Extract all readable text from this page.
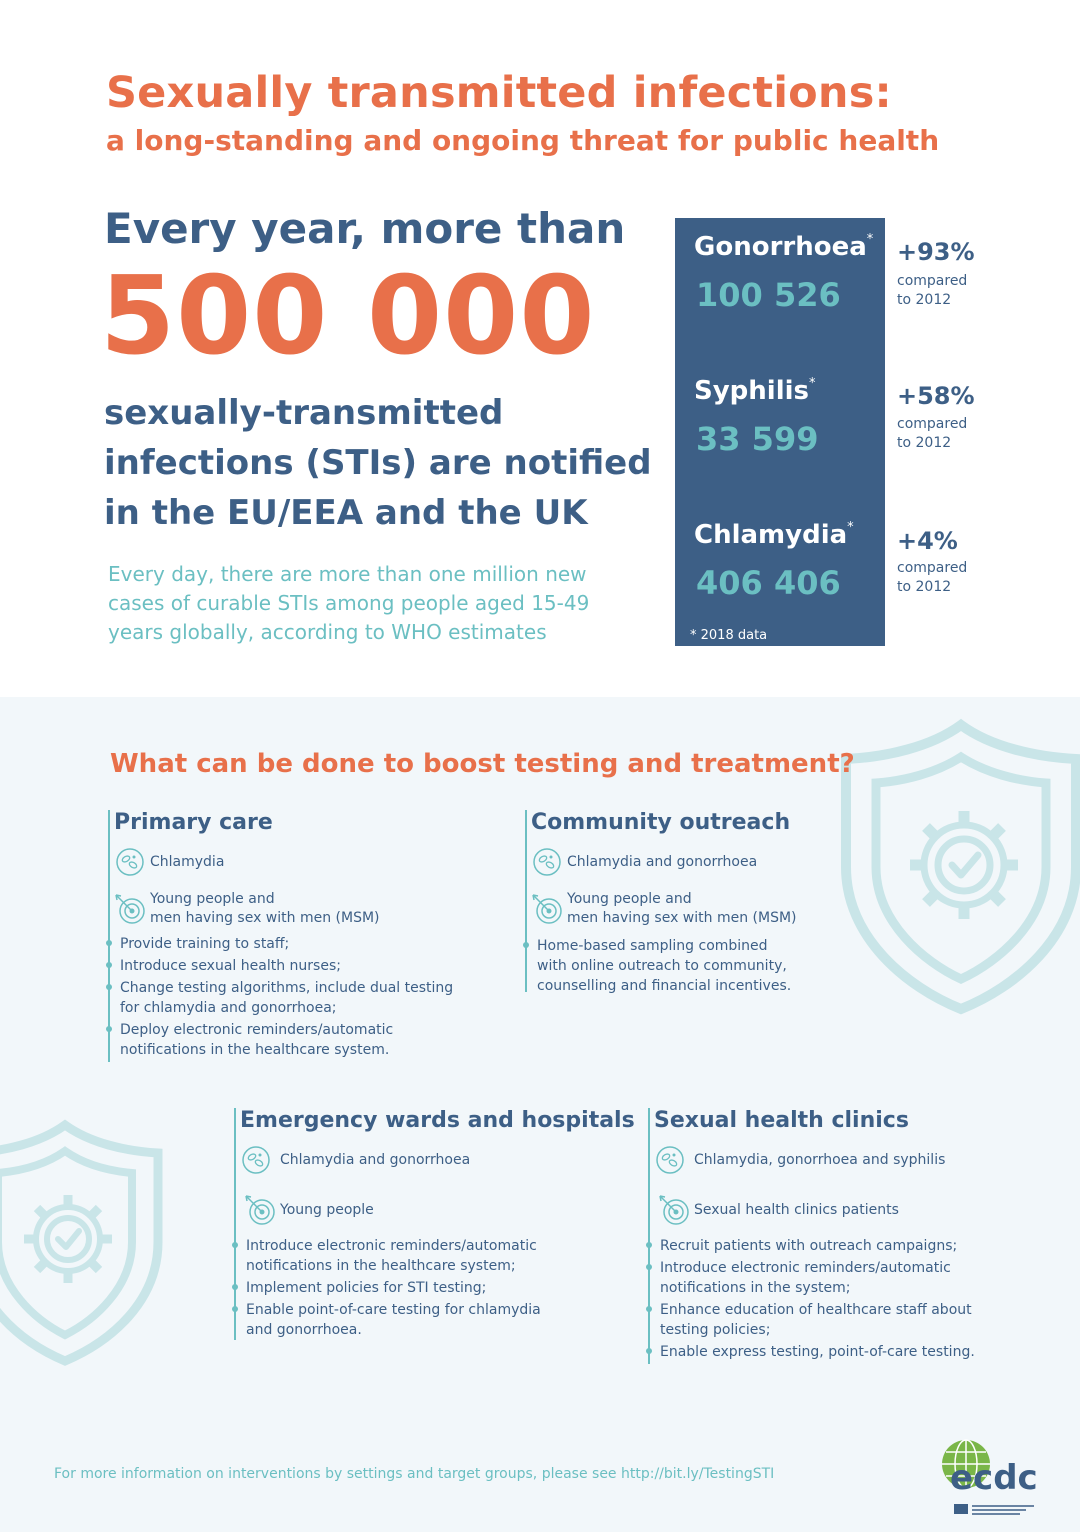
Sexually transmitted infections:
a long-standing and ongoing threat for public health
Every year, more than
500 000
sexually-transmitted infections (STIs) are notified in the EU/EEA and the UK
Every day, there are more than one million new cases of curable STIs among people aged 15-49 years globally, according to WHO estimates
Gonorrhoea*
100 526
Syphilis*
33 599
Chlamydia*
406 406
* 2018 data
+93%
compared
to 2012
+58%
compared
to 2012
+4%
compared
to 2012
What can be done to boost testing and treatment?
Primary care
Chlamydia
Young people and
men having sex with men (MSM)
Provide training to staff;
Introduce sexual health nurses;
Change testing algorithms, include dual testing
for chlamydia and gonorrhoea;
Deploy electronic reminders/automatic
notifications in the healthcare system.
Community outreach
Chlamydia and gonorrhoea
Young people and
men having sex with men (MSM)
Home-based sampling combined
with online outreach to community,
counselling and financial incentives.
Emergency wards and hospitals
Chlamydia and gonorrhoea
Young people
Introduce electronic reminders/automatic
notifications in the healthcare system;
Implement policies for STI testing;
Enable point-of-care testing for chlamydia
and gonorrhoea.
Sexual health clinics
Chlamydia, gonorrhoea and syphilis
Sexual health clinics patients
Recruit patients with outreach campaigns;
Introduce electronic reminders/automatic
notifications in the system;
Enhance education of healthcare staff about
testing policies;
Enable express testing, point-of-care testing.
For more information on interventions by settings and target groups, please see http://bit.ly/TestingSTI	ecdc
